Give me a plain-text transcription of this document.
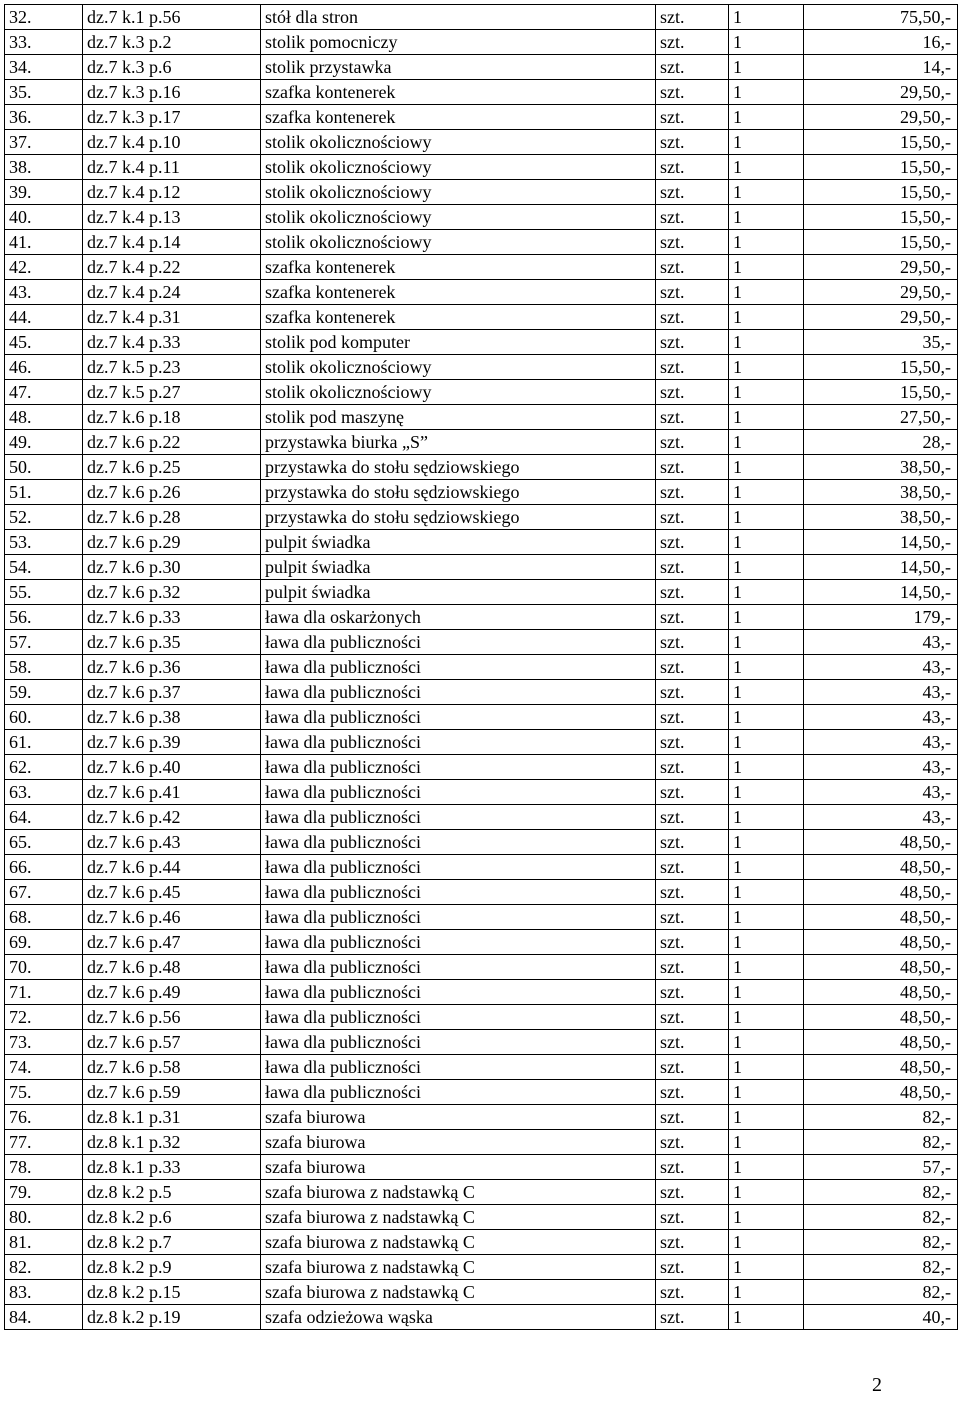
32.	dz.7 k.1 p.56	stół dla stron	szt.	1	75,50,-
33.	dz.7 k.3 p.2	stolik pomocniczy	szt.	1	16,-
34.	dz.7 k.3 p.6	stolik przystawka	szt.	1	14,-
35.	dz.7 k.3 p.16	szafka kontenerek	szt.	1	29,50,-
36.	dz.7 k.3 p.17	szafka kontenerek	szt.	1	29,50,-
37.	dz.7 k.4 p.10	stolik okolicznościowy	szt.	1	15,50,-
38.	dz.7 k.4 p.11	stolik okolicznościowy	szt.	1	15,50,-
39.	dz.7 k.4 p.12	stolik okolicznościowy	szt.	1	15,50,-
40.	dz.7 k.4 p.13	stolik okolicznościowy	szt.	1	15,50,-
41.	dz.7 k.4 p.14	stolik okolicznościowy	szt.	1	15,50,-
42.	dz.7 k.4 p.22	szafka kontenerek	szt.	1	29,50,-
43.	dz.7 k.4 p.24	szafka kontenerek	szt.	1	29,50,-
44.	dz.7 k.4 p.31	szafka kontenerek	szt.	1	29,50,-
45.	dz.7 k.4 p.33	stolik pod komputer	szt.	1	35,-
46.	dz.7 k.5 p.23	stolik okolicznościowy	szt.	1	15,50,-
47.	dz.7 k.5 p.27	stolik okolicznościowy	szt.	1	15,50,-
48.	dz.7 k.6 p.18	stolik pod maszynę	szt.	1	27,50,-
49.	dz.7 k.6 p.22	przystawka biurka „S”	szt.	1	28,-
50.	dz.7 k.6 p.25	przystawka do stołu sędziowskiego	szt.	1	38,50,-
51.	dz.7 k.6 p.26	przystawka do stołu sędziowskiego	szt.	1	38,50,-
52.	dz.7 k.6 p.28	przystawka do stołu sędziowskiego	szt.	1	38,50,-
53.	dz.7 k.6 p.29	pulpit świadka	szt.	1	14,50,-
54.	dz.7 k.6 p.30	pulpit świadka	szt.	1	14,50,-
55.	dz.7 k.6 p.32	pulpit świadka	szt.	1	14,50,-
56.	dz.7 k.6 p.33	ława dla oskarżonych	szt.	1	179,-
57.	dz.7 k.6 p.35	ława dla publiczności	szt.	1	43,-
58.	dz.7 k.6 p.36	ława dla publiczności	szt.	1	43,-
59.	dz.7 k.6 p.37	ława dla publiczności	szt.	1	43,-
60.	dz.7 k.6 p.38	ława dla publiczności	szt.	1	43,-
61.	dz.7 k.6 p.39	ława dla publiczności	szt.	1	43,-
62.	dz.7 k.6 p.40	ława dla publiczności	szt.	1	43,-
63.	dz.7 k.6 p.41	ława dla publiczności	szt.	1	43,-
64.	dz.7 k.6 p.42	ława dla publiczności	szt.	1	43,-
65.	dz.7 k.6 p.43	ława dla publiczności	szt.	1	48,50,-
66.	dz.7 k.6 p.44	ława dla publiczności	szt.	1	48,50,-
67.	dz.7 k.6 p.45	ława dla publiczności	szt.	1	48,50,-
68.	dz.7 k.6 p.46	ława dla publiczności	szt.	1	48,50,-
69.	dz.7 k.6 p.47	ława dla publiczności	szt.	1	48,50,-
70.	dz.7 k.6 p.48	ława dla publiczności	szt.	1	48,50,-
71.	dz.7 k.6 p.49	ława dla publiczności	szt.	1	48,50,-
72.	dz.7 k.6 p.56	ława dla publiczności	szt.	1	48,50,-
73.	dz.7 k.6 p.57	ława dla publiczności	szt.	1	48,50,-
74.	dz.7 k.6 p.58	ława dla publiczności	szt.	1	48,50,-
75.	dz.7 k.6 p.59	ława dla publiczności	szt.	1	48,50,-
76.	dz.8 k.1 p.31	szafa biurowa	szt.	1	82,-
77.	dz.8 k.1 p.32	szafa biurowa	szt.	1	82,-
78.	dz.8 k.1 p.33	szafa biurowa	szt.	1	57,-
79.	dz.8 k.2 p.5	szafa biurowa z nadstawką C	szt.	1	82,-
80.	dz.8 k.2 p.6	szafa biurowa z nadstawką C	szt.	1	82,-
81.	dz.8 k.2 p.7	szafa biurowa z nadstawką C	szt.	1	82,-
82.	dz.8 k.2 p.9	szafa biurowa z nadstawką C	szt.	1	82,-
83.	dz.8 k.2 p.15	szafa biurowa z nadstawką C	szt.	1	82,-
84.	dz.8 k.2 p.19	szafa odzieżowa wąska	szt.	1	40,-
2
